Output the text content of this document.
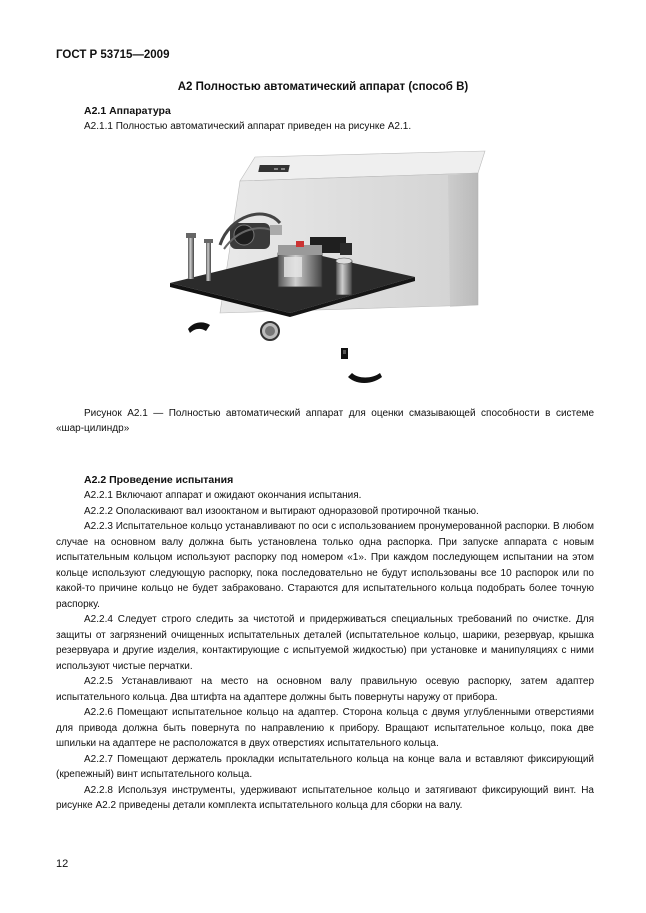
ГОСТ Р 53715—2009
А2 Полностью автоматический аппарат (способ В)
А2.1 Аппаратура
А2.1.1 Полностью автоматический аппарат приведен на рисунке А2.1.
Рисунок А2.1 — Полностью автоматический аппарат для оценки смазывающей способности в системе «шар-цилиндр»
А2.2 Проведение испытания

А2.2.1 Включают аппарат и ожидают окончания испытания.

А2.2.2 Ополаскивают вал изооктаном и вытирают одноразовой протирочной тканью.

А2.2.3 Испытательное кольцо устанавливают по оси с использованием пронумерованной распорки. В любом случае на основном валу должна быть установлена только одна распорка. При запуске аппарата с новым испытательным кольцом используют распорку под номером «1». При каждом последующем испытании на этом кольце используют следующую распорку, пока последовательно не будут использованы все 10 распорок или по какой-то причине кольцо не будет забраковано. Стараются для испытательного кольца подобрать более точную распорку.

А2.2.4 Следует строго следить за чистотой и придерживаться специальных требований по очистке. Для защиты от загрязнений очищенных испытательных деталей (испытательное кольцо, шарики, резервуар, крышка резервуара и другие изделия, контактирующие с испытуемой жидкостью) при установке и манипуляциях с ними используют чистые перчатки.

А2.2.5 Устанавливают на место на основном валу правильную осевую распорку, затем адаптер испытательного кольца. Два штифта на адаптере должны быть повернуты наружу от прибора.

А2.2.6 Помещают испытательное кольцо на адаптер. Сторона кольца с двумя углубленными отверстиями для привода должна быть повернута по направлению к прибору. Вращают испытательное кольцо, пока две шпильки на адаптере не расположатся в двух отверстиях испытательного кольца.

А2.2.7 Помещают держатель прокладки испытательного кольца на конце вала и вставляют фиксирующий (крепежный) винт испытательного кольца.

А2.2.8 Используя инструменты, удерживают испытательное кольцо и затягивают фиксирующий винт. На рисунке А2.2 приведены детали комплекта испытательного кольца для сборки на валу.

12
